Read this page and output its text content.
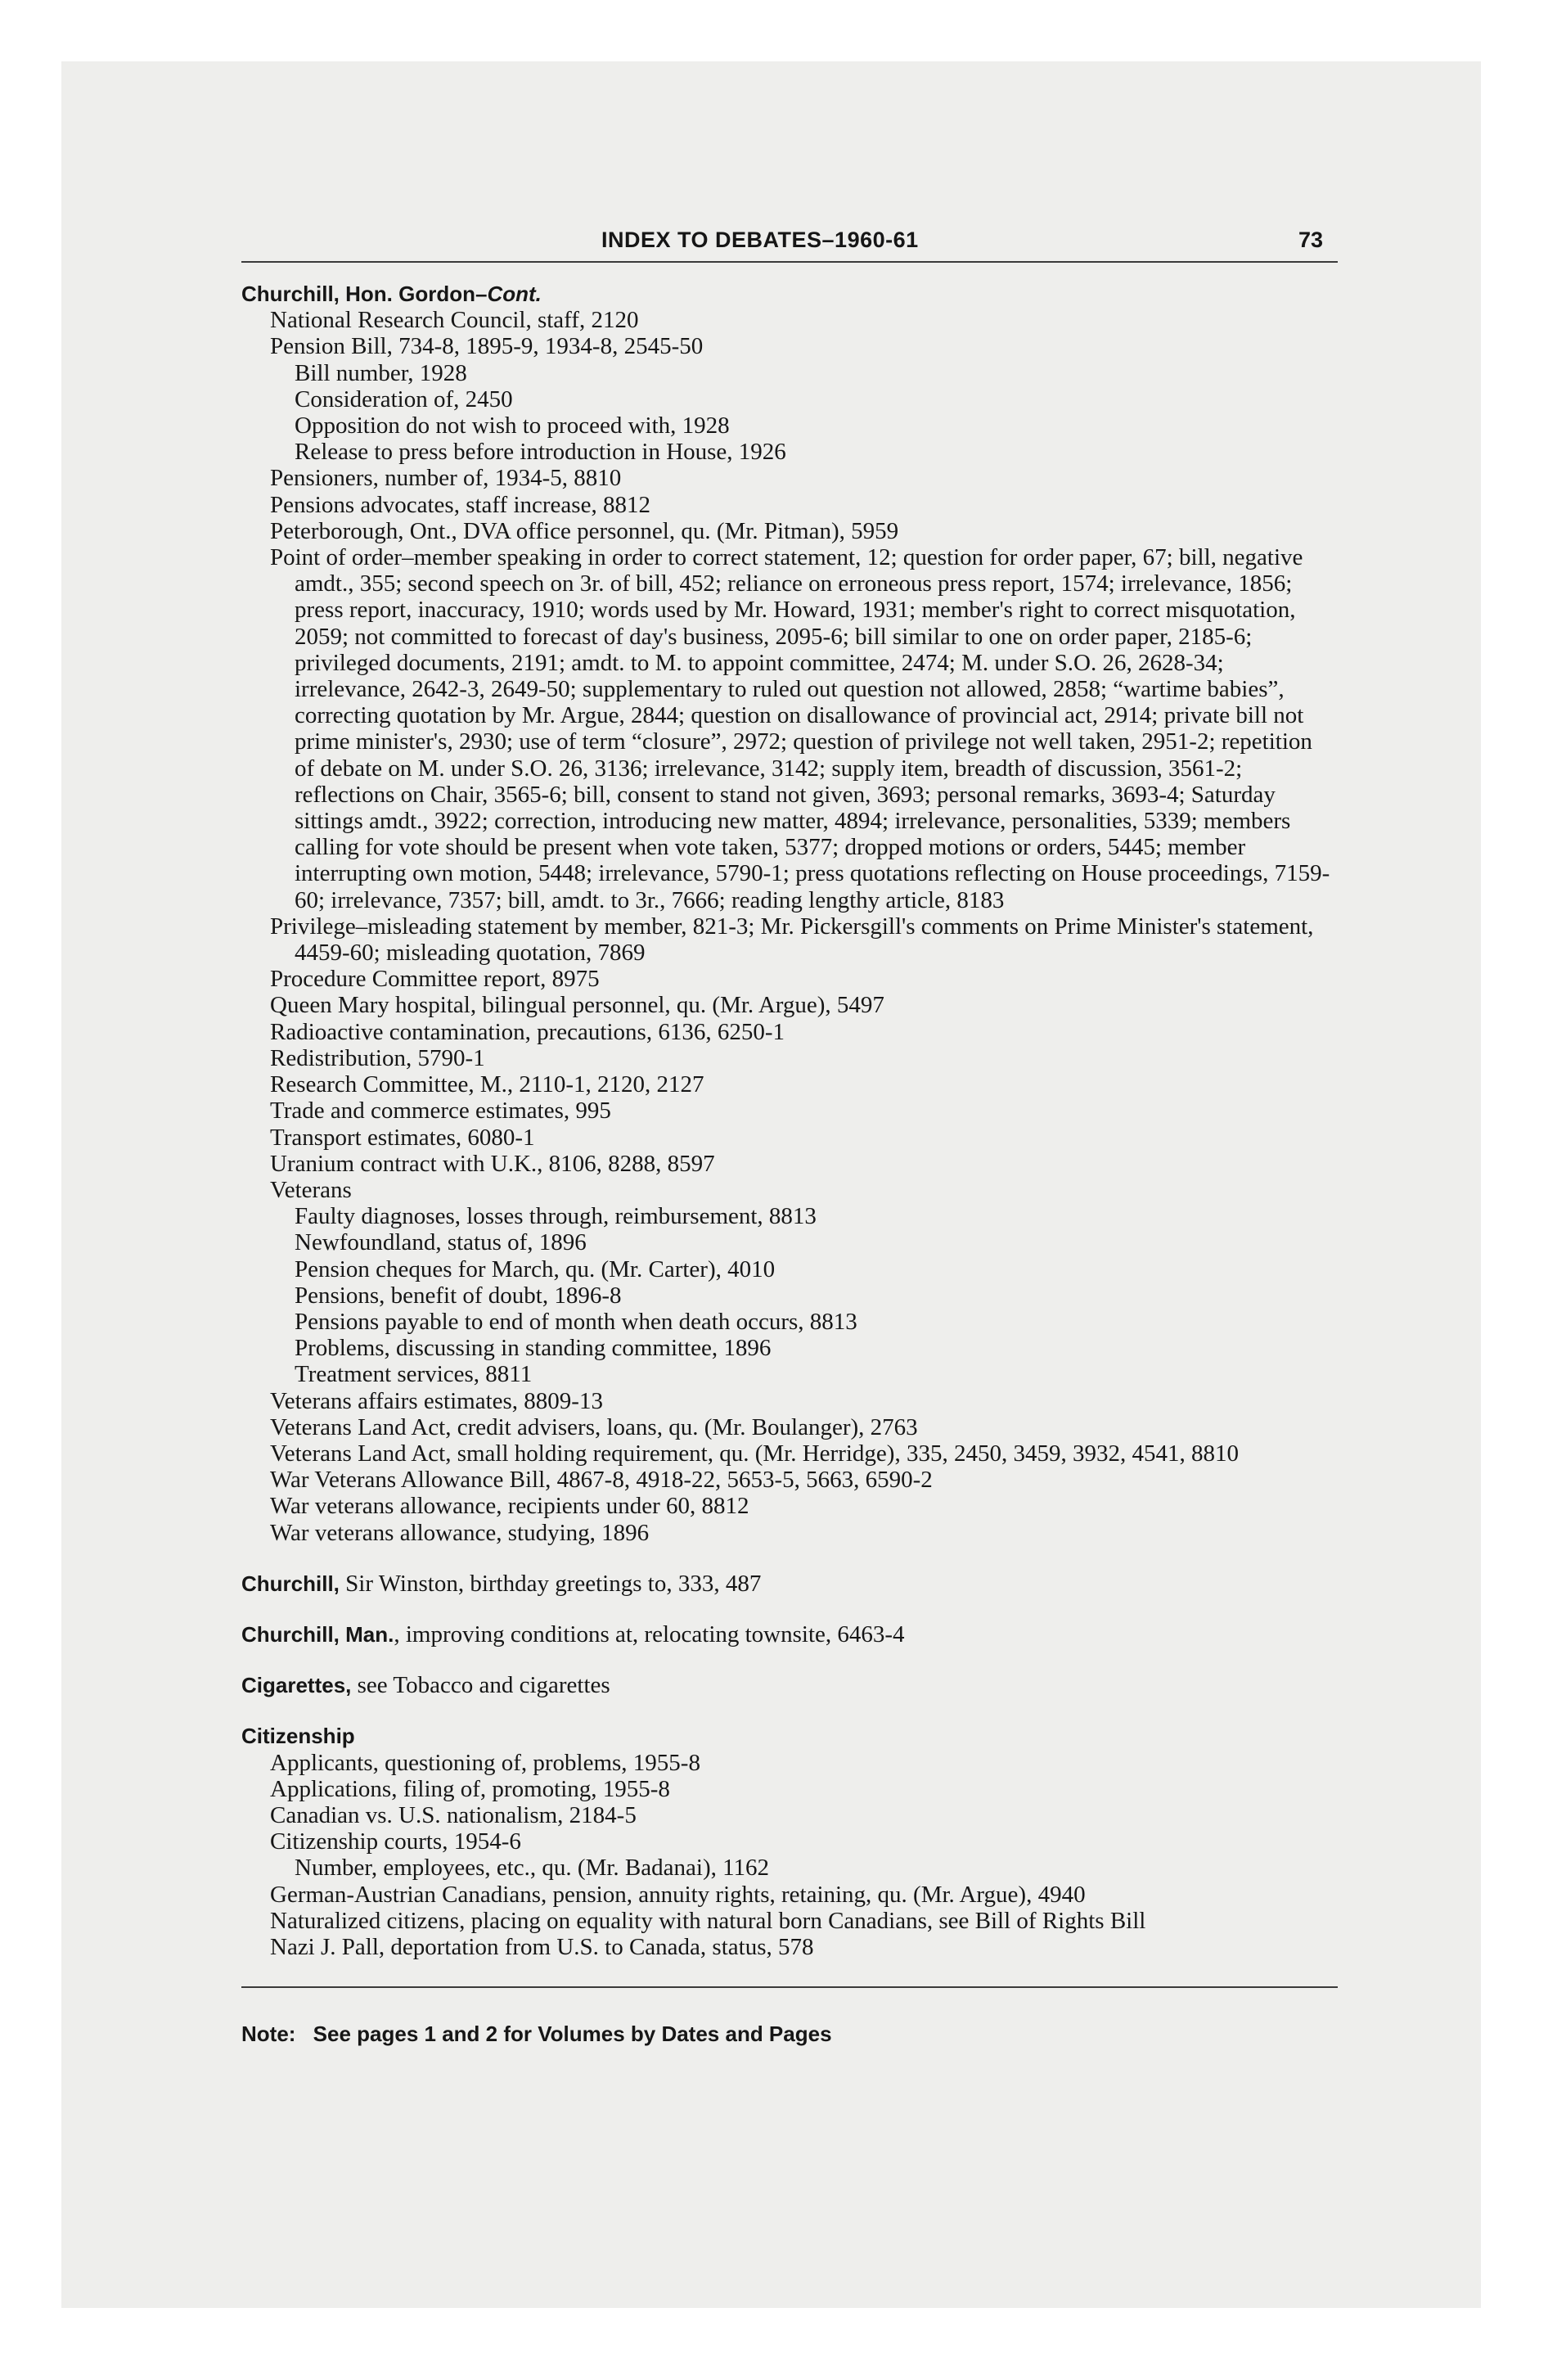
INDEX TO DEBATES–1960-61	73
Churchill, Hon. Gordon–Cont.
National Research Council, staff, 2120
Pension Bill, 734-8, 1895-9, 1934-8, 2545-50
Bill number, 1928
Consideration of, 2450
Opposition do not wish to proceed with, 1928
Release to press before introduction in House, 1926
Pensioners, number of, 1934-5, 8810
Pensions advocates, staff increase, 8812
Peterborough, Ont., DVA office personnel, qu. (Mr. Pitman), 5959
Point of order–member speaking in order to correct statement, 12; question for order paper, 67; bill, negative amdt., 355; second speech on 3r. of bill, 452; reliance on erroneous press report, 1574; irrelevance, 1856; press report, inaccuracy, 1910; words used by Mr. Howard, 1931; member's right to correct misquotation, 2059; not committed to forecast of day's business, 2095-6; bill similar to one on order paper, 2185-6; privileged documents, 2191; amdt. to M. to appoint committee, 2474; M. under S.O. 26, 2628-34; irrelevance, 2642-3, 2649-50; supplementary to ruled out question not allowed, 2858; “wartime babies”, correcting quotation by Mr. Argue, 2844; question on disallowance of provincial act, 2914; private bill not prime minister's, 2930; use of term “closure”, 2972; question of privilege not well taken, 2951-2; repetition of debate on M. under S.O. 26, 3136; irrelevance, 3142; supply item, breadth of discussion, 3561-2; reflections on Chair, 3565-6; bill, consent to stand not given, 3693; personal remarks, 3693-4; Saturday sittings amdt., 3922; correction, introducing new matter, 4894; irrelevance, personalities, 5339; members calling for vote should be present when vote taken, 5377; dropped motions or orders, 5445; member interrupting own motion, 5448; irrelevance, 5790-1; press quotations reflecting on House proceedings, 7159-60; irrelevance, 7357; bill, amdt. to 3r., 7666; reading lengthy article, 8183
Privilege–misleading statement by member, 821-3; Mr. Pickersgill's comments on Prime Minister's statement, 4459-60; misleading quotation, 7869
Procedure Committee report, 8975
Queen Mary hospital, bilingual personnel, qu. (Mr. Argue), 5497
Radioactive contamination, precautions, 6136, 6250-1
Redistribution, 5790-1
Research Committee, M., 2110-1, 2120, 2127
Trade and commerce estimates, 995
Transport estimates, 6080-1
Uranium contract with U.K., 8106, 8288, 8597
Veterans
Faulty diagnoses, losses through, reimbursement, 8813
Newfoundland, status of, 1896
Pension cheques for March, qu. (Mr. Carter), 4010
Pensions, benefit of doubt, 1896-8
Pensions payable to end of month when death occurs, 8813
Problems, discussing in standing committee, 1896
Treatment services, 8811
Veterans affairs estimates, 8809-13
Veterans Land Act, credit advisers, loans, qu. (Mr. Boulanger), 2763
Veterans Land Act, small holding requirement, qu. (Mr. Herridge), 335, 2450, 3459, 3932, 4541, 8810
War Veterans Allowance Bill, 4867-8, 4918-22, 5653-5, 5663, 6590-2
War veterans allowance, recipients under 60, 8812
War veterans allowance, studying, 1896
Churchill, Sir Winston, birthday greetings to, 333, 487
Churchill, Man., improving conditions at, relocating townsite, 6463-4
Cigarettes, see Tobacco and cigarettes
Citizenship
Applicants, questioning of, problems, 1955-8
Applications, filing of, promoting, 1955-8
Canadian vs. U.S. nationalism, 2184-5
Citizenship courts, 1954-6
Number, employees, etc., qu. (Mr. Badanai), 1162
German-Austrian Canadians, pension, annuity rights, retaining, qu. (Mr. Argue), 4940
Naturalized citizens, placing on equality with natural born Canadians, see Bill of Rights Bill
Nazi J. Pall, deportation from U.S. to Canada, status, 578
Note: See pages 1 and 2 for Volumes by Dates and Pages
